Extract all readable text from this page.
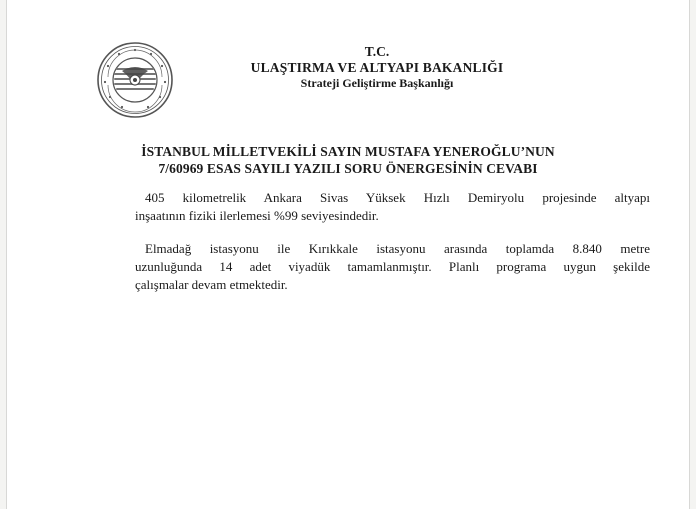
T.C.
ULAŞTIRMA VE ALTYAPI BAKANLIĞI
Strateji Geliştirme Başkanlığı
İSTANBUL MİLLETVEKİLİ SAYIN MUSTAFA YENEROĞLU’NUN
7/60969 ESAS SAYILI YAZILI SORU ÖNERGESİNİN CEVABI
405 kilometrelik Ankara Sivas Yüksek Hızlı Demiryolu projesinde altyapı
inşaatının fiziki ilerlemesi %99 seviyesindedir.
Elmadağ istasyonu ile Kırıkkale istasyonu arasında toplamda 8.840 metre
uzunluğunda 14 adet viyadük tamamlanmıştır. Planlı programa uygun şekilde
çalışmalar devam etmektedir.
